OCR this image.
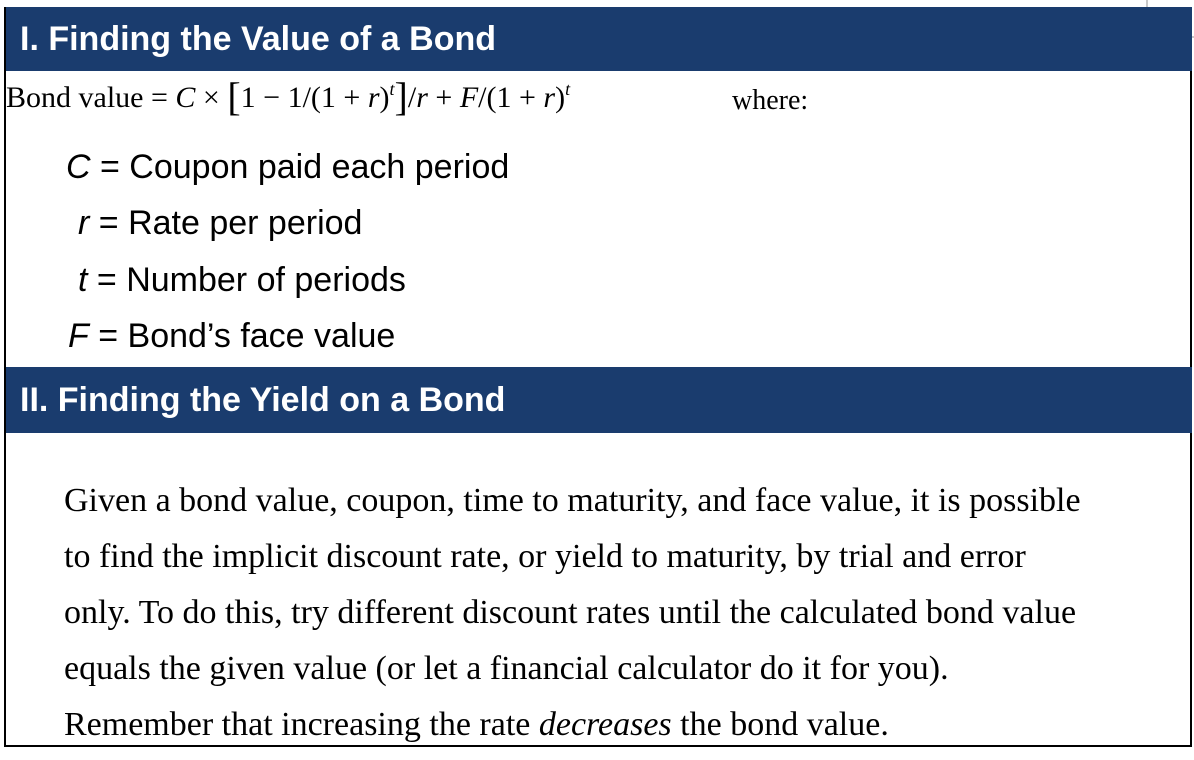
I. Finding the Value of a Bond
Bond value = $C \times [1 - 1/(1 + r)^t]/r + F/(1 + r)^t$	where:
C = Coupon paid each period
r = Rate per period
t = Number of periods
F = Bond’s face value
II. Finding the Yield on a Bond
Given a bond value, coupon, time to maturity, and face value, it is possible
to find the implicit discount rate, or yield to maturity, by trial and error
only. To do this, try different discount rates until the calculated bond value
equals the given value (or let a financial calculator do it for you).
Remember that increasing the rate decreases the bond value.
